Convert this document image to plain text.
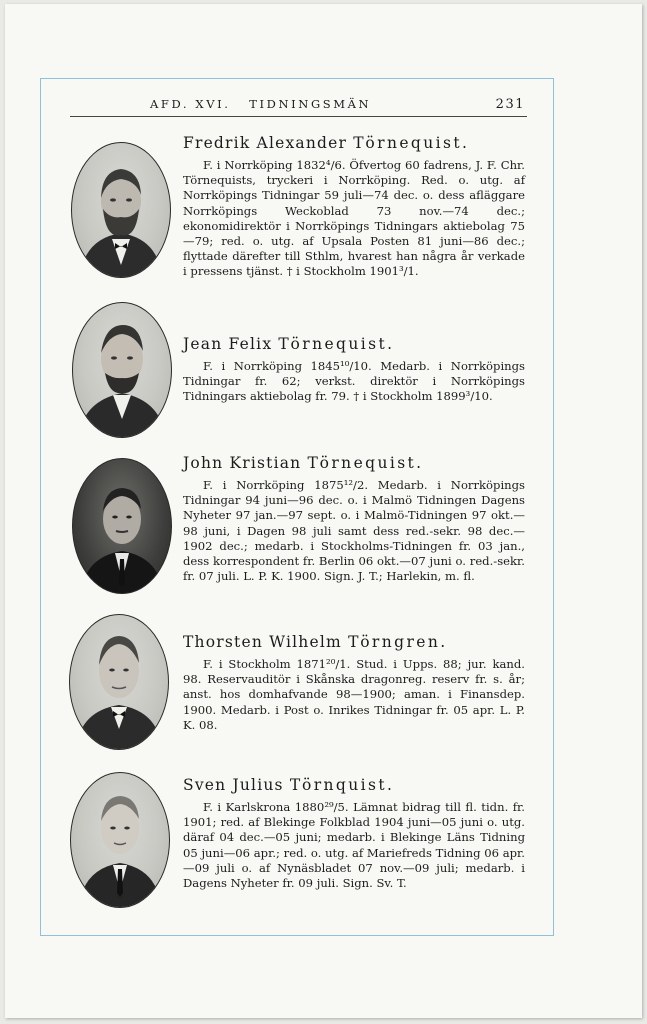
AFD. XVI.   TIDNINGSMÄN	231

Fredrik Alexander Törnequist.

F. i Norrköping 1832⁴/6. Öfvertog 60 fadrens, J. F. Chr. Törnequists, tryckeri i Norrköping. Red. o. utg. af Norrköpings Tidningar 59 juli—74 dec. o. dess afläggare Norrköpings Weckoblad 73 nov.—74 dec.; ekonomidirektör i Norrköpings Tidningars aktiebolag 75—79; red. o. utg. af Upsala Posten 81 juni—86 dec.; flyttade därefter till Sthlm, hvarest han några år verkade i pressens tjänst. † i Stockholm 1901³/1.

Jean Felix Törnequist.

F. i Norrköping 1845¹⁰/10. Medarb. i Norrköpings Tidningar fr. 62; verkst. direktör i Norrköpings Tidningars aktiebolag fr. 79. † i Stockholm 1899³/10.

John Kristian Törnequist.

F. i Norrköping 1875¹²/2. Medarb. i Norrköpings Tidningar 94 juni—96 dec. o. i Malmö Tidningen Dagens Nyheter 97 jan.—97 sept. o. i Malmö-Tidningen 97 okt.—98 juni, i Dagen 98 juli samt dess red.-sekr. 98 dec.—1902 dec.; medarb. i Stockholms-Tidningen fr. 03 jan., dess korrespondent fr. Berlin 06 okt.—07 juni o. red.-sekr. fr. 07 juli. L. P. K. 1900. Sign. J. T.; Harlekin, m. fl.

Thorsten Wilhelm Törngren.

F. i Stockholm 1871²⁰/1. Stud. i Upps. 88; jur. kand. 98. Reservauditör i Skånska dragonreg. reserv fr. s. år; anst. hos domhafvande 98—1900; aman. i Finansdep. 1900. Medarb. i Post o. Inrikes Tidningar fr. 05 apr. L. P. K. 08.

Sven Julius Törnquist.

F. i Karlskrona 1880²⁹/5. Lämnat bidrag till fl. tidn. fr. 1901; red. af Blekinge Folkblad 1904 juni—05 juni o. utg. däraf 04 dec.—05 juni; medarb. i Blekinge Läns Tidning 05 juni—06 apr.; red. o. utg. af Mariefreds Tidning 06 apr.—09 juli o. af Nynäsbladet 07 nov.—09 juli; medarb. i Dagens Nyheter fr. 09 juli. Sign. Sv. T.
